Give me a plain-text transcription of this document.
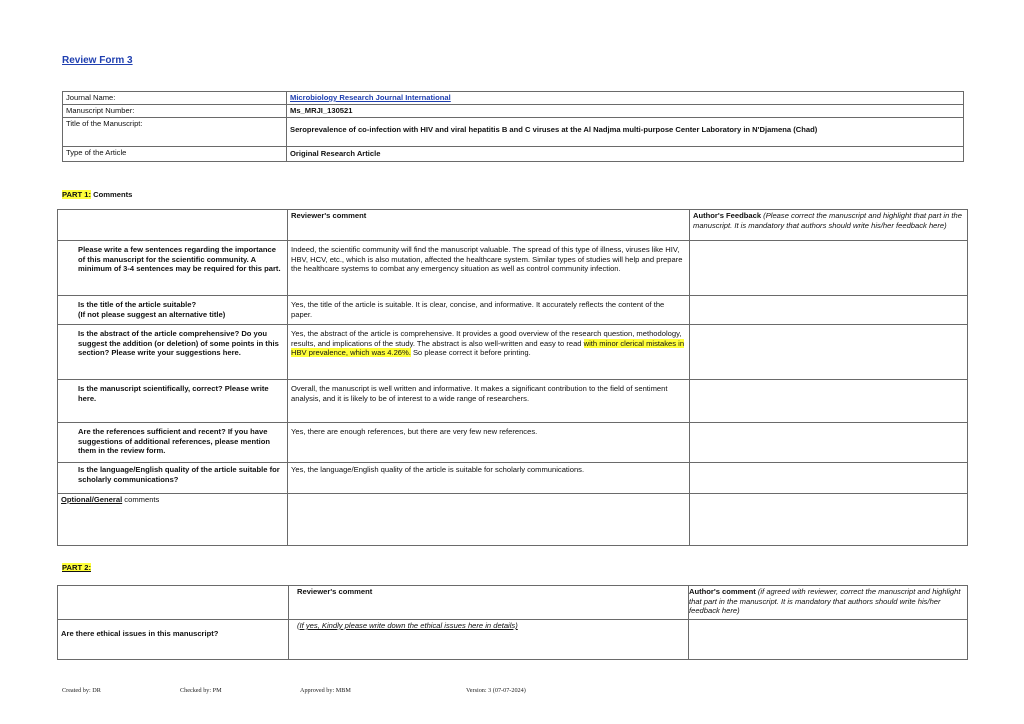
Review Form 3
Journal Name:	Microbiology Research Journal International
Manuscript Number:	Ms_MRJI_130521
Title of the Manuscript:	Seroprevalence of co-infection with HIV and viral hepatitis B and C viruses at the Al Nadjma multi-purpose Center Laboratory in N'Djamena (Chad)
Type of the Article	Original Research Article
PART 1: Comments
	Reviewer's comment	Author's Feedback (Please correct the manuscript and highlight that part in the manuscript. It is mandatory that authors should write his/her feedback here)
Please write a few sentences regarding the importance of this manuscript for the scientific community. A minimum of 3-4 sentences may be required for this part.	Indeed, the scientific community will find the manuscript valuable. The spread of this type of illness, viruses like HIV, HBV, HCV, etc., which is also mutation, affected the healthcare system. Similar types of studies will help and prepare the healthcare systems to combat any emergency situation as well as control community infection.	
Is the title of the article suitable?
(If not please suggest an alternative title)	Yes, the title of the article is suitable. It is clear, concise, and informative. It accurately reflects the content of the paper.	
Is the abstract of the article comprehensive? Do you suggest the addition (or deletion) of some points in this section? Please write your suggestions here.	Yes, the abstract of the article is comprehensive. It provides a good overview of the research question, methodology, results, and implications of the study. The abstract is also well-written and easy to read with minor clerical mistakes in HBV prevalence, which was 4.26%. So please correct it before printing.	
Is the manuscript scientifically, correct? Please write here.	Overall, the manuscript is well written and informative. It makes a significant contribution to the field of sentiment analysis, and it is likely to be of interest to a wide range of researchers.	
Are the references sufficient and recent? If you have suggestions of additional references, please mention them in the review form.	Yes, there are enough references, but there are very few new references.	
Is the language/English quality of the article suitable for scholarly communications?	Yes, the language/English quality of the article is suitable for scholarly communications.	
Optional/General comments		
PART 2:
	Reviewer's comment	Author's comment (if agreed with reviewer, correct the manuscript and highlight that part in the manuscript. It is mandatory that authors should write his/her feedback here)
Are there ethical issues in this manuscript?	(If yes, Kindly please write down the ethical issues here in details)	
Created by: DR	Checked by: PM	Approved by: MBM	Version: 3 (07-07-2024)
